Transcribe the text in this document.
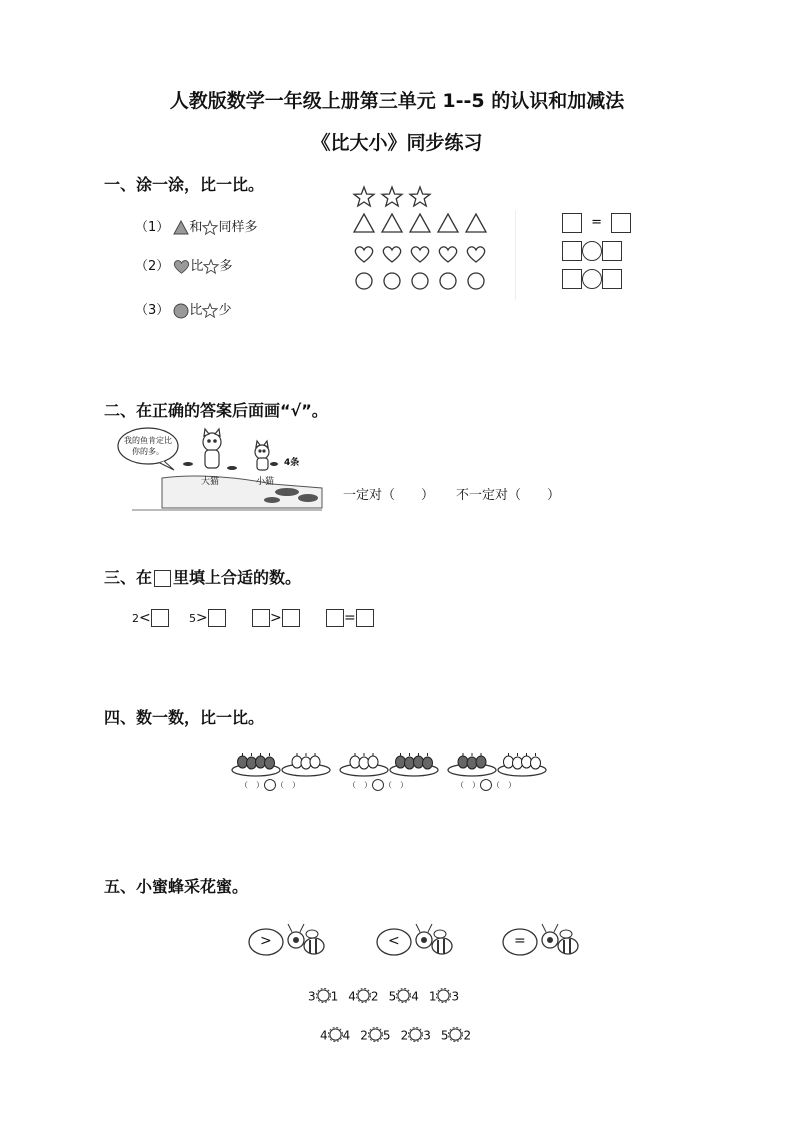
人教版数学一年级上册第三单元 1--5 的认识和加减法
《比大小》同步练习
一、涂一涂，比一比。
（1） 和 同样多
（2） 比 多
（3） 比 少
=
二、在正确的答案后面画“√”。
我的鱼肯定比你的多。
大猫	小猫
4条
一定对（　　） 不一定对（　　）
三、在 里填上合适的数。
2<	5>	>	=
四、数一数，比一比。
（　） （　）	（　） （　）	（　） （　）
五、小蜜蜂采花蜜。
>	<	=
3 1 4 2 5 4 1 3
4 4 2 5 2 3 5 2
